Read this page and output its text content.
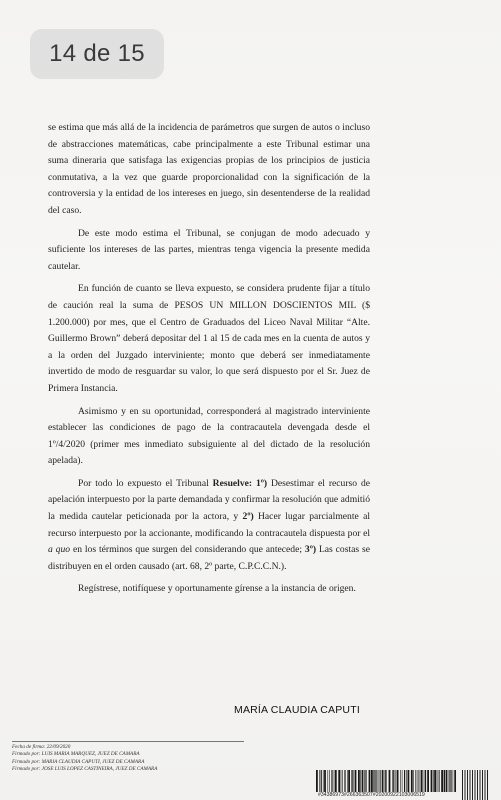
14 de 15

se estima que más allá de la incidencia de parámetros que surgen de autos o incluso de abstracciones matemáticas, cabe principalmente a este Tribunal estimar una suma dineraria que satisfaga las exigencias propias de los principios de justicia conmutativa, a la vez que guarde proporcionalidad con la significación de la controversia y la entidad de los intereses en juego, sin desentenderse de la realidad del caso.

De este modo estima el Tribunal, se conjugan de modo adecuado y suficiente los intereses de las partes, mientras tenga vigencia la presente medida cautelar.

En función de cuanto se lleva expuesto, se considera prudente fijar a título de caución real la suma de PESOS UN MILLON DOSCIENTOS MIL ($ 1.200.000) por mes, que el Centro de Graduados del Liceo Naval Militar “Alte. Guillermo Brown” deberá depositar del 1 al 15 de cada mes en la cuenta de autos y a la orden del Juzgado interviniente; monto que deberá ser inmediatamente invertido de modo de resguardar su valor, lo que será dispuesto por el Sr. Juez de Primera Instancia.

Asimismo y en su oportunidad, corresponderá al magistrado interviniente establecer las condiciones de pago de la contracautela devengada desde el 1º/4/2020 (primer mes inmediato subsiguiente al del dictado de la resolución apelada).

Por todo lo expuesto el Tribunal Resuelve: 1º) Desestimar el recurso de apelación interpuesto por la parte demandada y confirmar la resolución que admitió la medida cautelar peticionada por la actora, y 2º) Hacer lugar parcialmente al recurso interpuesto por la accionante, modificando la contracautela dispuesta por el a quo en los términos que surgen del considerando que antecede; 3º) Las costas se distribuyen en el orden causado (art. 68, 2º parte, C.P.C.C.N.).

Regístrese, notifíquese y oportunamente gírense a la instancia de origen.

MARÍA CLAUDIA CAPUTI
Fecha de firma: 22/09/2020
Firmado por: LUIS MARIA MARQUEZ, JUEZ DE CAMARA
Firmado por: MARIA CLAUDIA CAPUTI, JUEZ DE CAMARA
Firmado por: JOSE LUIS LOPEZ CASTINEIRA, JUEZ DE CAMARA
#34386973#266363507#20200922103006519
